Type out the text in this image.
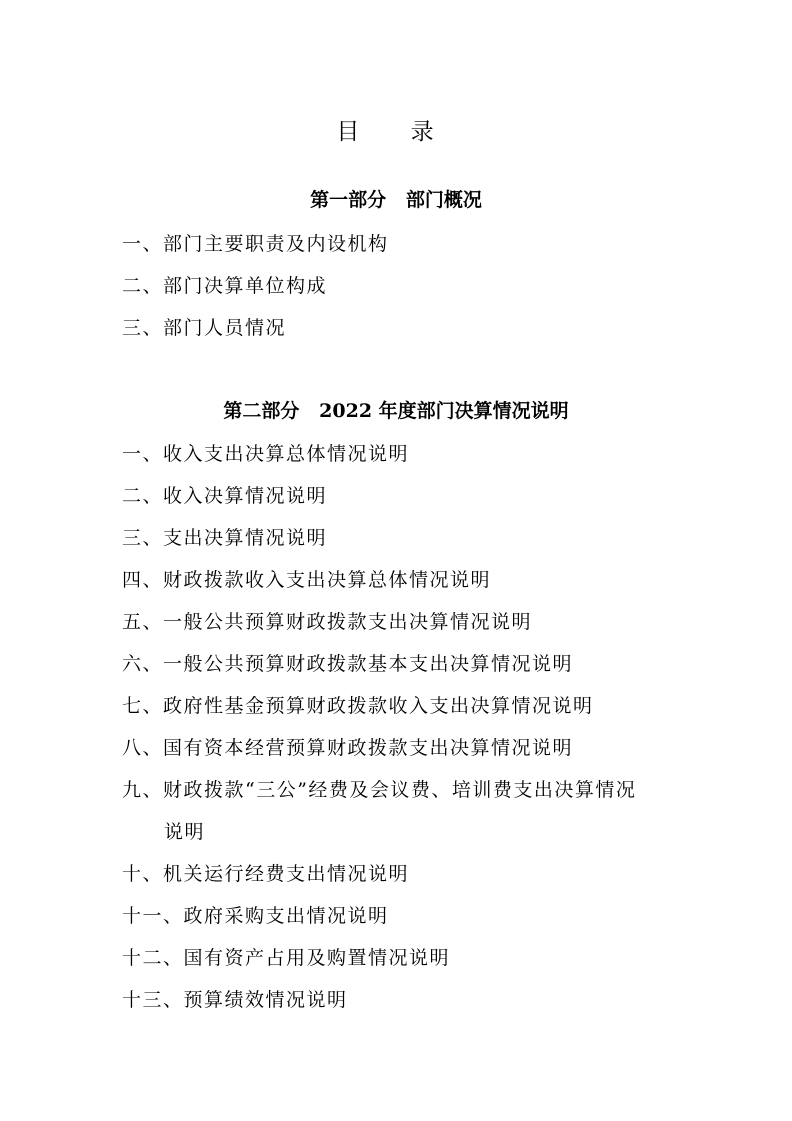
目 录
第一部分   部门概况
一、部门主要职责及内设机构
二、部门决算单位构成
三、部门人员情况
第二部分   2022 年度部门决算情况说明
一、收入支出决算总体情况说明
二、收入决算情况说明
三、支出决算情况说明
四、财政拨款收入支出决算总体情况说明
五、一般公共预算财政拨款支出决算情况说明
六、一般公共预算财政拨款基本支出决算情况说明
七、政府性基金预算财政拨款收入支出决算情况说明
八、国有资本经营预算财政拨款支出决算情况说明
九、财政拨款“三公”经费及会议费、培训费支出决算情况
说明
十、机关运行经费支出情况说明
十一、政府采购支出情况说明
十二、国有资产占用及购置情况说明
十三、预算绩效情况说明
